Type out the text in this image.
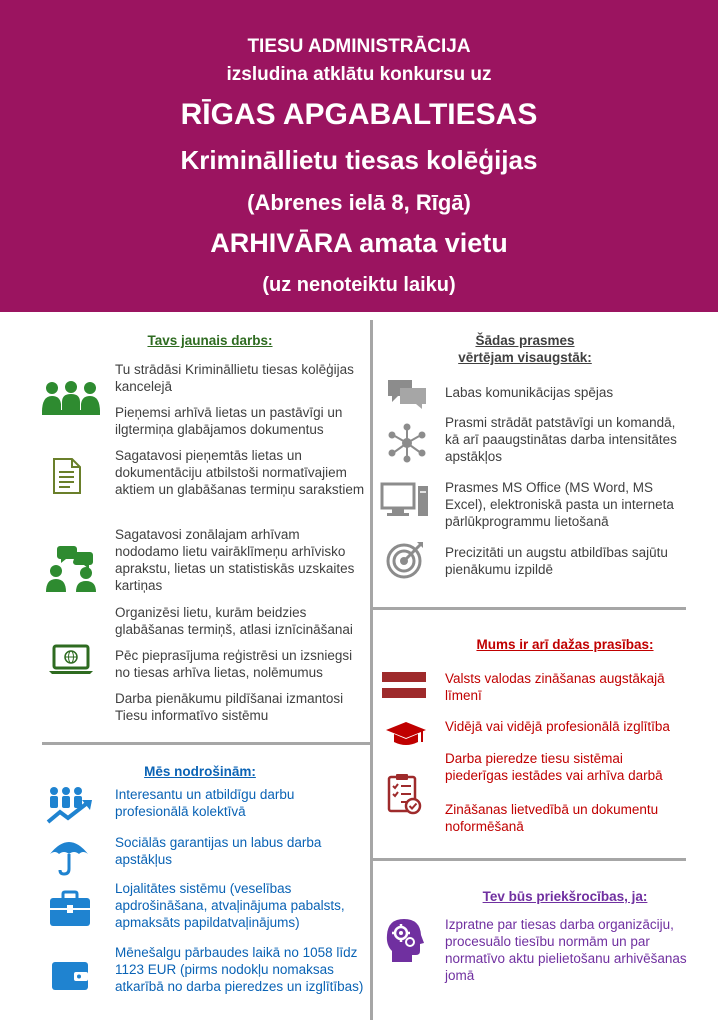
TIESU ADMINISTRĀCIJA
izsludina atklātu konkursu uz
RĪGAS APGABALTIESAS
Krimināllietu tiesas kolēģijas
(Abrenes ielā 8, Rīgā)
ARHIVĀRA amata vietu
(uz nenoteiktu laiku)
Tavs jaunais darbs:
Tu strādāsi Krimināllietu tiesas kolēģijas kancelejā
Pieņemsi arhīvā lietas un pastāvīgi un ilgtermiņa glabājamos dokumentus
Sagatavosi pieņemtās lietas un dokumentāciju atbilstoši normatīvajiem aktiem un glabāšanas termiņu sarakstiem
Sagatavosi zonālajam arhīvam nododamo lietu vairāklīmeņu arhīvisko aprakstu, lietas un statistiskās uzskaites kartiņas
Organizēsi lietu, kurām beidzies glabāšanas termiņš, atlasi iznīcināšanai
Pēc pieprasījuma reģistrēsi un izsniegsi no tiesas arhīva lietas, nolēmumus
Darba pienākumu pildīšanai izmantosi Tiesu informatīvo sistēmu
Mēs nodrošinām:
Interesantu un atbildīgu darbu profesionālā kolektīvā
Sociālās garantijas un labus darba apstākļus
Lojalitātes sistēmu (veselības apdrošināšana, atvaļinājuma pabalsts, apmaksāts papildatvaļinājums)
Mēnešalgu pārbaudes laikā no 1058 līdz 1123 EUR (pirms nodokļu nomaksas atkarībā no darba pieredzes un izglītības)
Šādas prasmes
vērtējam visaugstāk:
Labas komunikācijas spējas
Prasmi strādāt patstāvīgi un komandā, kā arī paaugstinātas darba intensitātes apstākļos
Prasmes MS Office (MS Word, MS Excel), elektroniskā pasta un interneta pārlūkprogrammu lietošanā
Precizitāti un augstu atbildības sajūtu pienākumu izpildē
Mums ir arī dažas prasības:
Valsts valodas zināšanas augstākajā līmenī
Vidējā vai vidējā profesionālā izglītība
Darba pieredze tiesu sistēmai piederīgas iestādes vai arhīva darbā
Zināšanas lietvedībā un dokumentu noformēšanā
Tev būs priekšrocības, ja:
Izpratne par tiesas darba organizāciju, procesuālo tiesību normām un par normatīvo aktu pielietošanu arhivēšanas jomā
